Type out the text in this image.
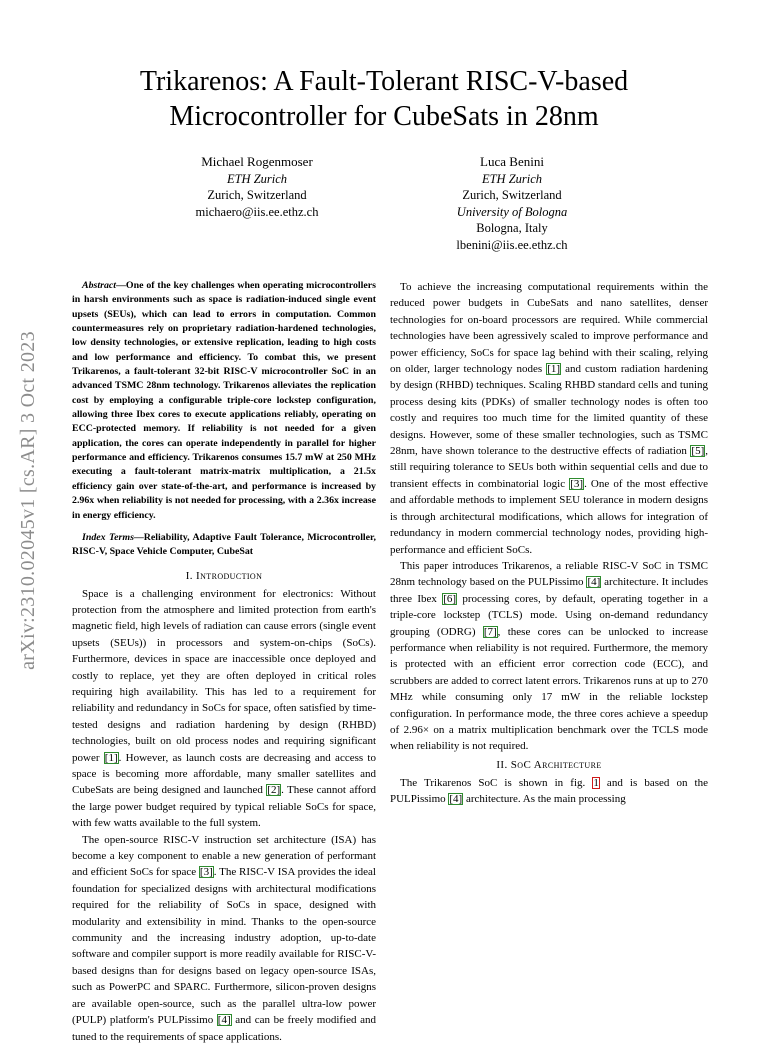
arXiv:2310.02045v1 [cs.AR] 3 Oct 2023
Trikarenos: A Fault-Tolerant RISC-V-based
Microcontroller for CubeSats in 28nm
Michael Rogenmoser
ETH Zurich
Zurich, Switzerland
michaero@iis.ee.ethz.ch
Luca Benini
ETH Zurich
Zurich, Switzerland
University of Bologna
Bologna, Italy
lbenini@iis.ee.ethz.ch

Abstract—One of the key challenges when operating microcontrollers in harsh environments such as space is radiation-induced single event upsets (SEUs), which can lead to errors in computation. Common countermeasures rely on proprietary radiation-hardened technologies, low density technologies, or extensive replication, leading to high costs and low performance and efficiency. To combat this, we present Trikarenos, a fault-tolerant 32-bit RISC-V microcontroller SoC in an advanced TSMC 28nm technology. Trikarenos alleviates the replication cost by employing a configurable triple-core lockstep configuration, allowing three Ibex cores to execute applications reliably, operating on ECC-protected memory. If reliability is not needed for a given application, the cores can operate independently in parallel for higher performance and efficiency. Trikarenos consumes 15.7 mW at 250 MHz executing a fault-tolerant matrix-matrix multiplication, a 21.5x efficiency gain over state-of-the-art, and performance is increased by 2.96x when reliability is not needed for processing, with a 2.36x increase in energy efficiency.

Index Terms—Reliability, Adaptive Fault Tolerance, Microcontroller, RISC-V, Space Vehicle Computer, CubeSat

I. Introduction

Space is a challenging environment for electronics: Without protection from the atmosphere and limited protection from earth's magnetic field, high levels of radiation can cause errors (single event upsets (SEUs)) in processors and system-on-chips (SoCs). Furthermore, devices in space are inaccessible once deployed and costly to replace, yet they are often deployed in critical roles requiring high availability. This has led to a requirement for reliability and redundancy in SoCs for space, often satisfied by time-tested designs and radiation hardening by design (RHBD) technologies, built on old process nodes and requiring significant power [1]. However, as launch costs are decreasing and access to space is becoming more affordable, many smaller satellites and CubeSats are being designed and launched [2]. These cannot afford the large power budget required by typical reliable SoCs for space, with few watts available to the full system.

The open-source RISC-V instruction set architecture (ISA) has become a key component to enable a new generation of performant and efficient SoCs for space [3]. The RISC-V ISA provides the ideal foundation for specialized designs with architectural modifications required for the reliability of SoCs in space, designed with modularity and extensibility in mind. Thanks to the open-source community and the increasing industry adoption, up-to-date software and compiler support is more readily available for RISC-V-based designs than for designs based on legacy open-source ISAs, such as PowerPC and SPARC. Furthermore, silicon-proven designs are available open-source, such as the parallel ultra-low power (PULP) platform's PULPissimo [4] and can be freely modified and tuned to the requirements of space applications.

To achieve the increasing computational requirements within the reduced power budgets in CubeSats and nano satellites, denser technologies for on-board processors are required. While commercial technologies have been agressively scaled to improve performance and power efficiency, SoCs for space lag behind with their scaling, relying on older, larger technology nodes [1] and custom radiation hardening by design (RHBD) techniques. Scaling RHBD standard cells and tuning process desing kits (PDKs) of smaller technology nodes is often too costly and requires too much time for the limited quantity of these designs. However, some of these smaller technologies, such as TSMC 28nm, have shown tolerance to the destructive effects of radiation [5], still requiring tolerance to SEUs both within sequential cells and due to transient effects in combinatorial logic [3]. One of the most effective and affordable methods to implement SEU tolerance in modern designs is through architectural modifications, which allows for integration of redundancy in modern commercial technology nodes, providing high-performance and efficient SoCs.

This paper introduces Trikarenos, a reliable RISC-V SoC in TSMC 28nm technology based on the PULPissimo [4] architecture. It includes three Ibex [6] processing cores, by default, operating together in a triple-core lockstep (TCLS) mode. Using on-demand redundancy grouping (ODRG) [7], these cores can be unlocked to increase performance when reliability is not required. Furthermore, the memory is protected with an efficient error correction code (ECC), and scrubbers are added to correct latent errors. Trikarenos runs at up to 270 MHz while consuming only 17 mW in the reliable lockstep configuration. In performance mode, the three cores achieve a speedup of 2.96× on a matrix multiplication benchmark over the TCLS mode when reliability is not required.

II. SoC Architecture

The Trikarenos SoC is shown in fig. 1 and is based on the PULPissimo [4] architecture. As the main processing
